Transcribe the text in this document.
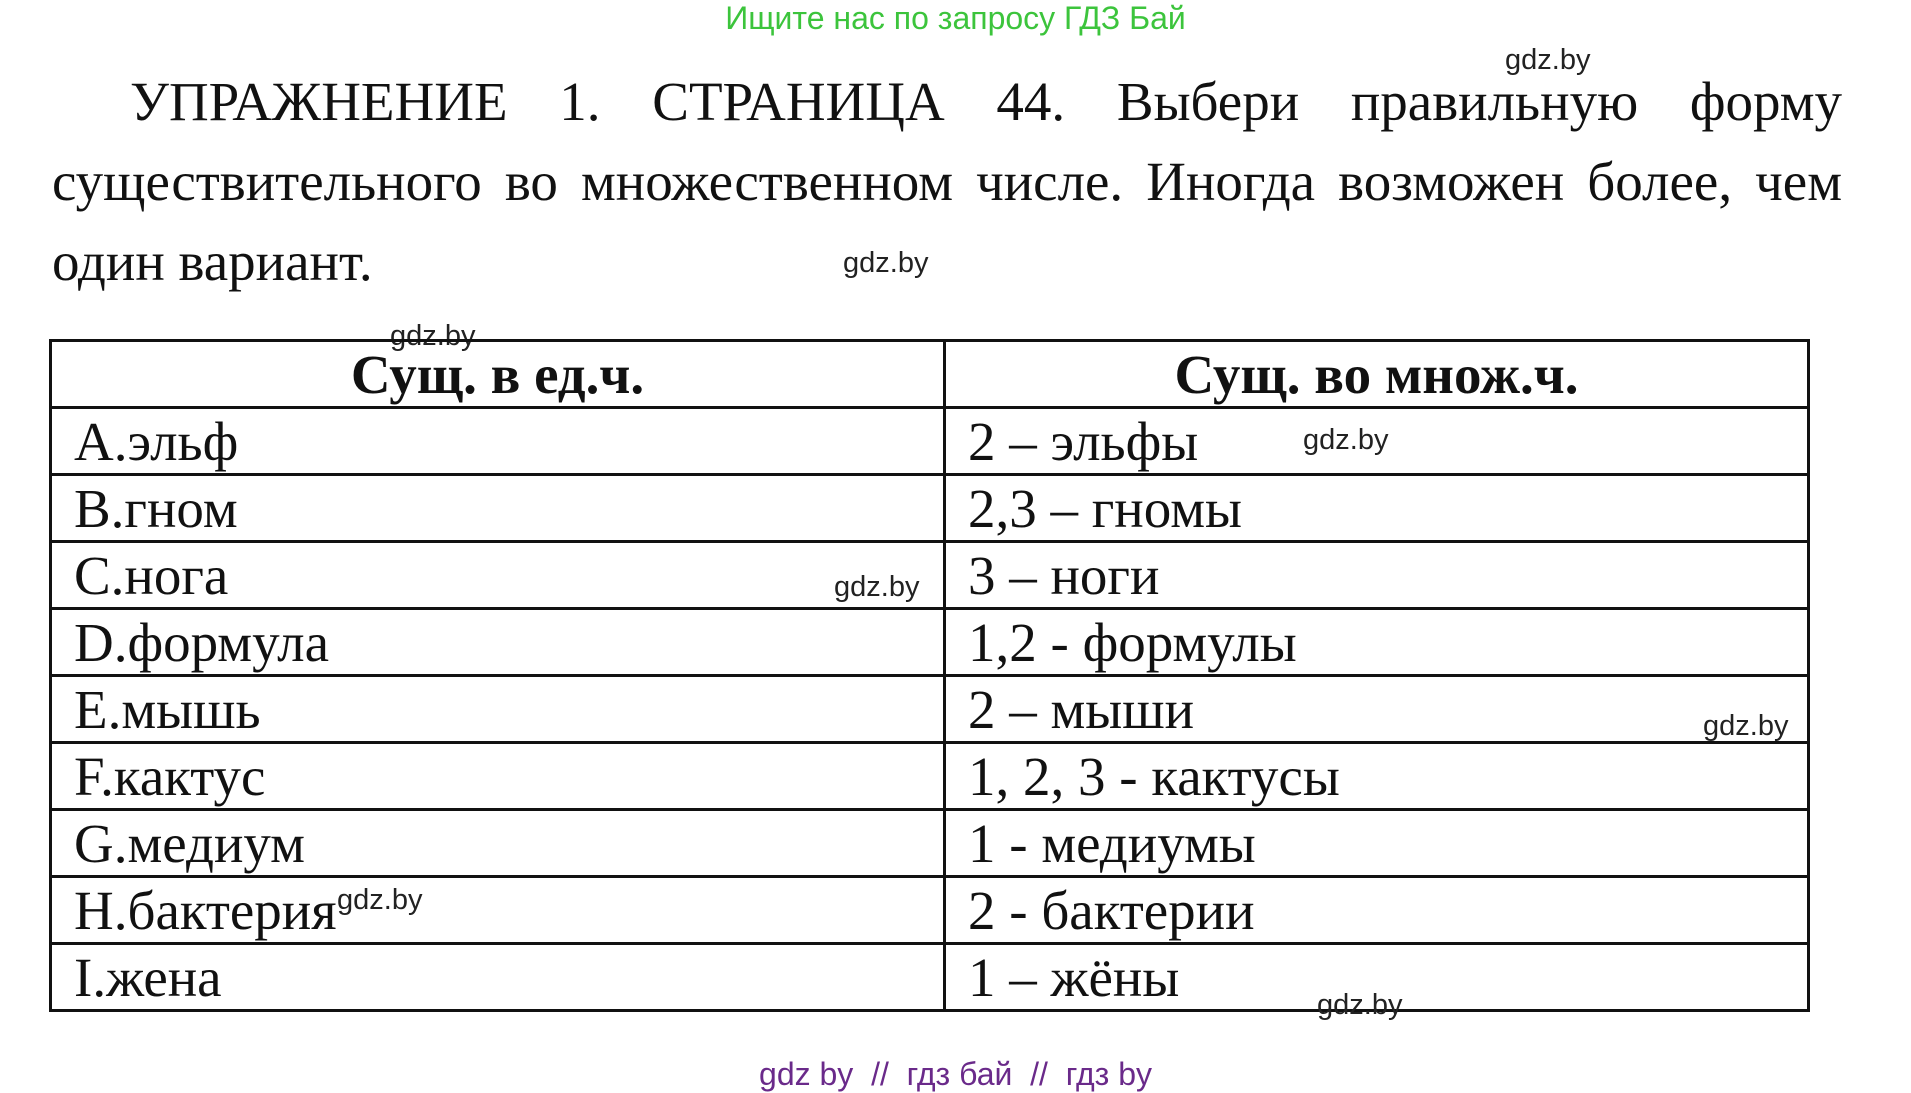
Ищите нас по запросу ГДЗ Бай
УПРАЖНЕНИЕ 1. СТРАНИЦА 44. Выбери правильную форму существительного во множественном числе. Иногда возможен более, чем один вариант.
gdz.by
gdz.by
gdz.by
Сущ. в ед.ч.	Сущ. во множ.ч.
A.эльф	2 – эльфы
B.гном	2,3 – гномы
C.нога	3 – ноги
D.формула	1,2 - формулы
E.мышь	2 – мыши
F.кактус	1, 2, 3 - кактусы
G.медиум	1 - медиумы
H.бактерия	2 - бактерии
I.жена	1 – жёны
gdz.by
gdz.by
gdz.by
gdz.by
gdz.by
gdz by  //  гдз бай  //  гдз by
